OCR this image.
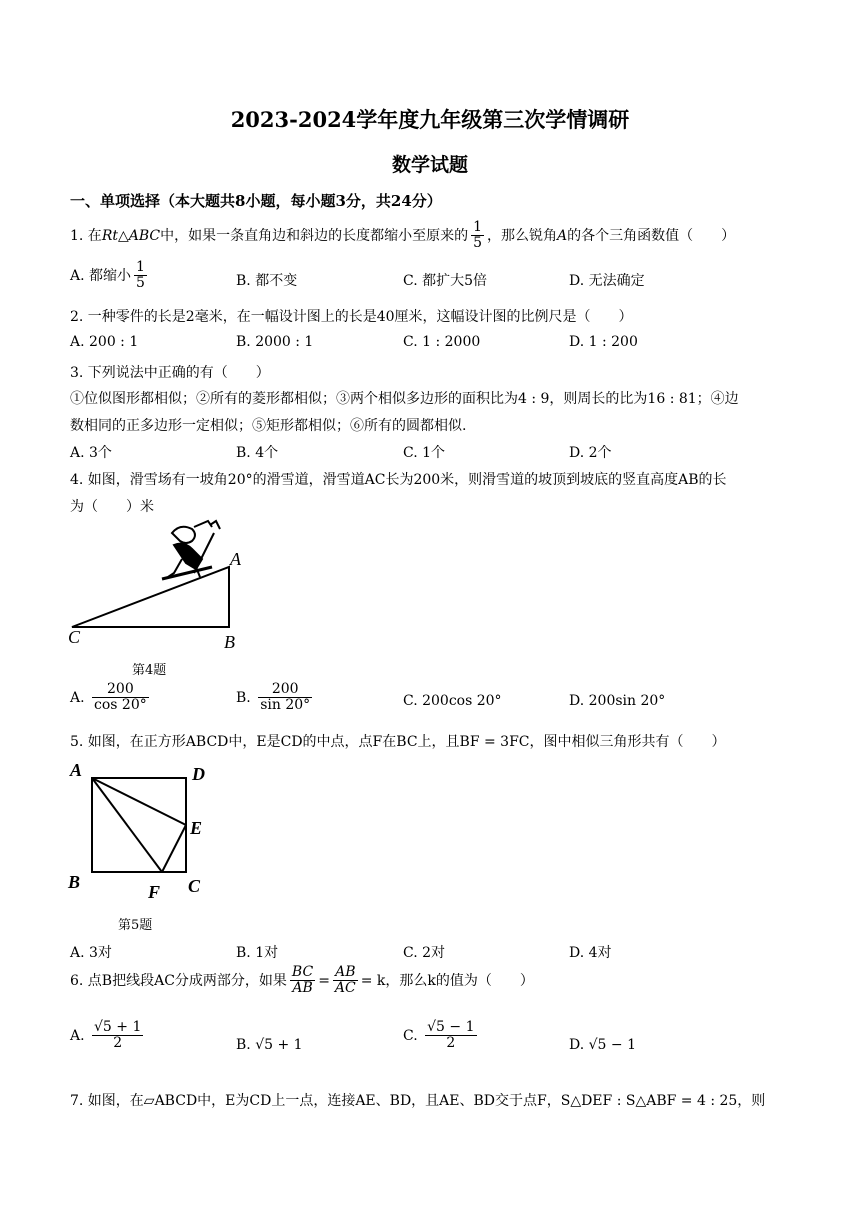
2023-2024学年度九年级第三次学情调研
数学试题
一、单项选择（本大题共8小题，每小题3分，共24分）
1. 在Rt△ABC中，如果一条直角边和斜边的长度都缩小至原来的 $\frac{1}{5}$ ，那么锐角A的各个三角函数值（　　）
A. 都缩小 $\frac{1}{5}$	B. 都不变	C. 都扩大5倍	D. 无法确定
2. 一种零件的长是2毫米，在一幅设计图上的长是40厘米，这幅设计图的比例尺是（　　）
A. 200 : 1	B. 2000 : 1	C. 1 : 2000	D. 1 : 200
3. 下列说法中正确的有（　　）
①位似图形都相似；②所有的菱形都相似；③两个相似多边形的面积比为4 : 9，则周长的比为16 : 81；④边
数相同的正多边形一定相似；⑤矩形都相似；⑥所有的圆都相似.
A. 3个	B. 4个	C. 1个	D. 2个
4. 如图，滑雪场有一坡角20°的滑雪道，滑雪道AC长为200米，则滑雪道的坡顶到坡底的竖直高度AB的长
为（　　）米
A
B
C
第4题
A. $\frac{200}{\cos 20^\circ}$	B. $\frac{200}{\sin 20^\circ}$	C. 200cos 20°	D. 200sin 20°
5. 如图，在正方形ABCD中，E是CD的中点，点F在BC上，且BF = 3FC，图中相似三角形共有（　　）
A	D
E
B	F C
第5题
A. 3对	B. 1对	C. 2对	D. 4对
6. 点B把线段AC分成两部分，如果 $\frac{BC}{AB} = \frac{AB}{AC} = k$，那么k的值为（　　）
A. $\frac{√5 + 1}{2}$	B. √5 + 1
C. $\frac{√5 - 1}{2}$	D. √5 − 1
7. 如图，在▱ABCD中，E为CD上一点，连接AE、BD，且AE、BD交于点F，S△DEF : S△ABF = 4 : 25，则
